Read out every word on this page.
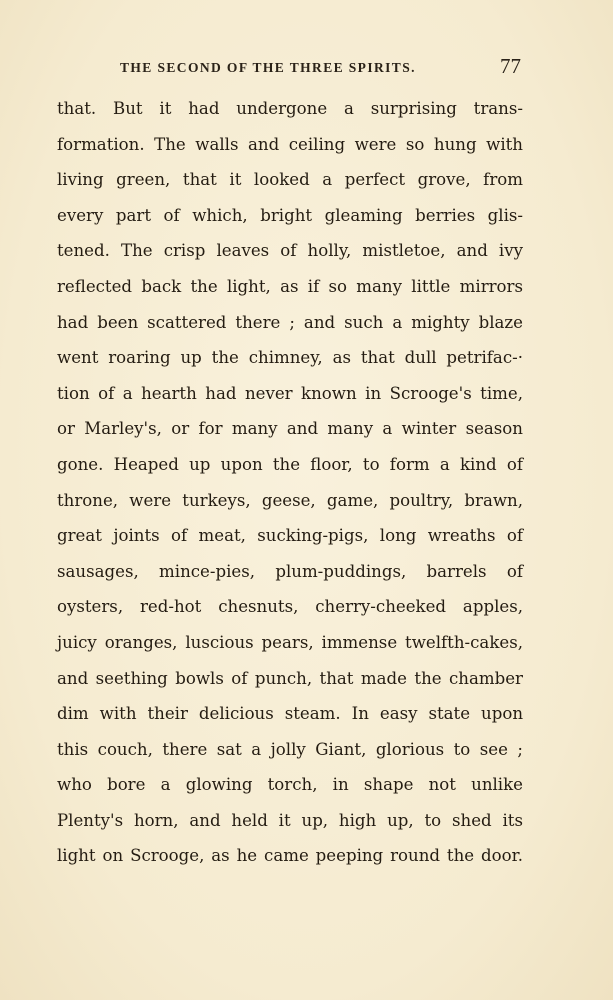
THE SECOND OF THE THREE SPIRITS.	77
that. But it had undergone a surprising trans-
formation. The walls and ceiling were so hung with
living green, that it looked a perfect grove, from
every part of which, bright gleaming berries glis-
tened. The crisp leaves of holly, mistletoe, and ivy
reflected back the light, as if so many little mirrors
had been scattered there ; and such a mighty blaze
went roaring up the chimney, as that dull petrifac-·
tion of a hearth had never known in Scrooge's time,
or Marley's, or for many and many a winter season
gone. Heaped up upon the floor, to form a kind of
throne, were turkeys, geese, game, poultry, brawn,
great joints of meat, sucking-pigs, long wreaths of
sausages, mince-pies, plum-puddings, barrels of
oysters, red-hot chesnuts, cherry-cheeked apples,
juicy oranges, luscious pears, immense twelfth-cakes,
and seething bowls of punch, that made the chamber
dim with their delicious steam. In easy state upon
this couch, there sat a jolly Giant, glorious to see ;
who bore a glowing torch, in shape not unlike
Plenty's horn, and held it up, high up, to shed its
light on Scrooge, as he came peeping round the door.
